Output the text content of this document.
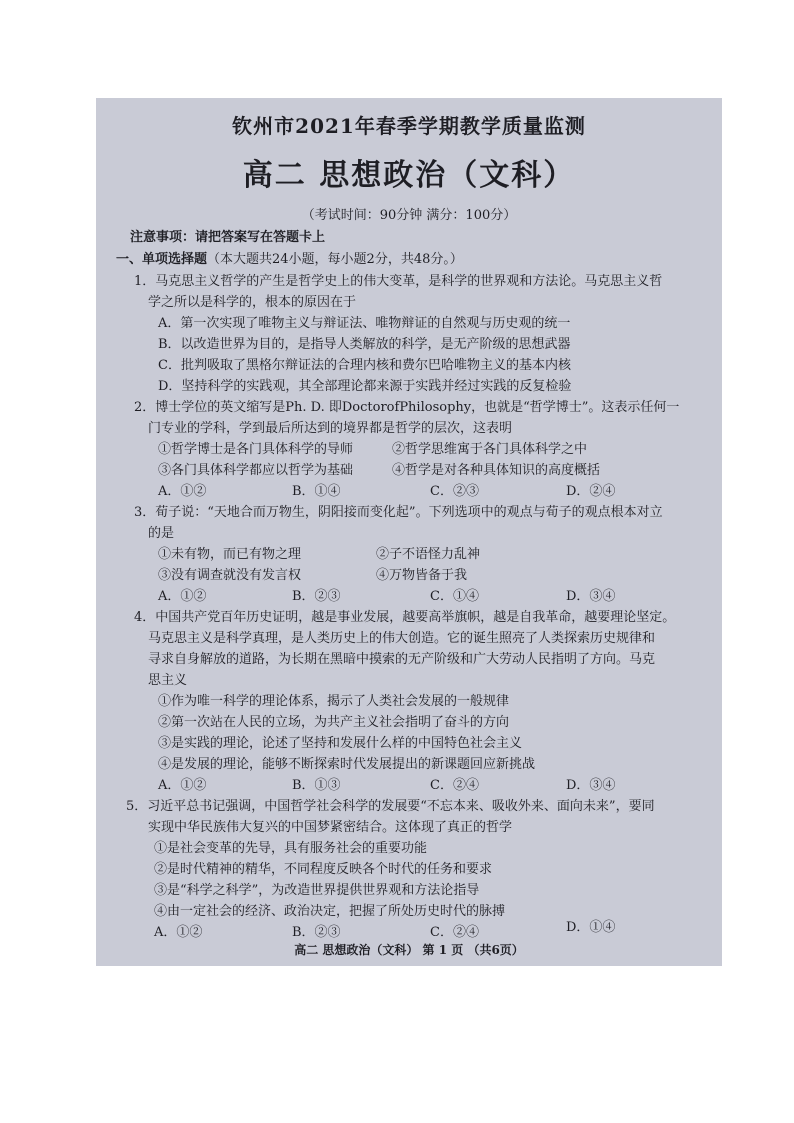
钦州市2021年春季学期教学质量监测
高二 思想政治（文科）
（考试时间：90分钟 满分：100分）
注意事项：请把答案写在答题卡上
一、单项选择题（本大题共24小题，每小题2分，共48分。）
1．马克思主义哲学的产生是哲学史上的伟大变革，是科学的世界观和方法论。马克思主义哲
学之所以是科学的，根本的原因在于
A．第一次实现了唯物主义与辩证法、唯物辩证的自然观与历史观的统一
B．以改造世界为目的，是指导人类解放的科学，是无产阶级的思想武器
C．批判吸取了黑格尔辩证法的合理内核和费尔巴哈唯物主义的基本内核
D．坚持科学的实践观，其全部理论都来源于实践并经过实践的反复检验
2．博士学位的英文缩写是Ph. D. 即DoctorofPhilosophy，也就是“哲学博士”。这表示任何一
门专业的学科，学到最后所达到的境界都是哲学的层次，这表明
①哲学博士是各门具体科学的导师	②哲学思维寓于各门具体科学之中
③各门具体科学都应以哲学为基础	④哲学是对各种具体知识的高度概括
A．①②	B．①④	C．②③	D．②④
3．荀子说：“天地合而万物生，阴阳接而变化起”。下列选项中的观点与荀子的观点根本对立
的是
①未有物，而已有物之理	②子不语怪力乱神
③没有调查就没有发言权	④万物皆备于我
A．①②	B．②③	C．①④	D．③④
4．中国共产党百年历史证明，越是事业发展，越要高举旗帜，越是自我革命，越要理论坚定。
马克思主义是科学真理，是人类历史上的伟大创造。它的诞生照亮了人类探索历史规律和
寻求自身解放的道路，为长期在黑暗中摸索的无产阶级和广大劳动人民指明了方向。马克
思主义
①作为唯一科学的理论体系，揭示了人类社会发展的一般规律
②第一次站在人民的立场，为共产主义社会指明了奋斗的方向
③是实践的理论，论述了坚持和发展什么样的中国特色社会主义
④是发展的理论，能够不断探索时代发展提出的新课题回应新挑战
A．①②	B．①③	C．②④	D．③④
5．习近平总书记强调，中国哲学社会科学的发展要“不忘本来、吸收外来、面向未来”，要同
实现中华民族伟大复兴的中国梦紧密结合。这体现了真正的哲学
①是社会变革的先导，具有服务社会的重要功能
②是时代精神的精华，不同程度反映各个时代的任务和要求
③是“科学之科学”，为改造世界提供世界观和方法论指导
④由一定社会的经济、政治决定，把握了所处历史时代的脉搏
A．①②	B．②③	C．②④	D．①④
高二 思想政治（文科） 第 1 页 （共6页）
